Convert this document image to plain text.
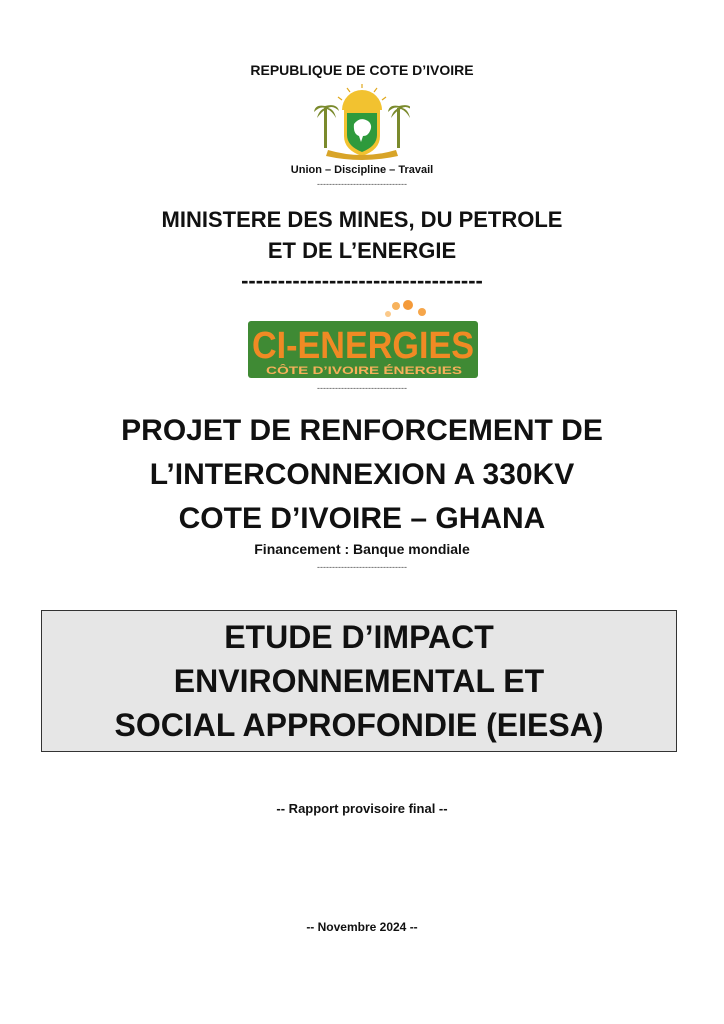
REPUBLIQUE DE COTE D’IVOIRE
Union – Discipline – Travail
------------------------------
MINISTERE DES MINES, DU PETROLE
ET DE L’ENERGIE
---------------------------------
CI-ENERGIES
CÔTE D’IVOIRE ÉNERGIES
------------------------------
PROJET DE RENFORCEMENT DE
L’INTERCONNEXION A 330KV
COTE D’IVOIRE – GHANA
Financement : Banque mondiale
------------------------------
ETUDE D’IMPACT
ENVIRONNEMENTAL ET
SOCIAL APPROFONDIE (EIESA)
-- Rapport provisoire final --
-- Novembre 2024 --
